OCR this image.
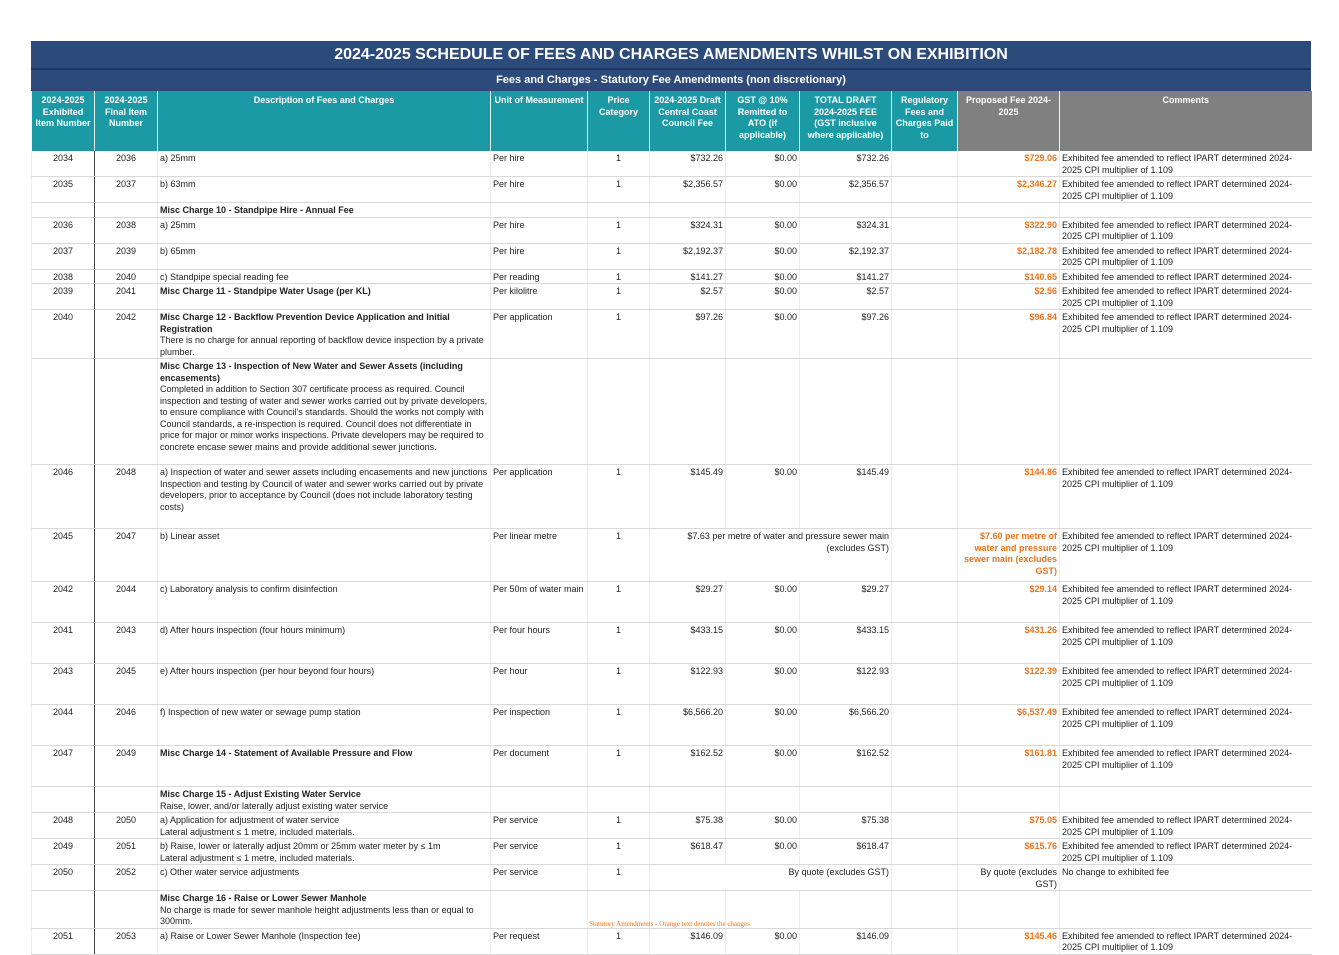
2024-2025 SCHEDULE OF FEES AND CHARGES AMENDMENTS WHILST ON EXHIBITION
Fees and Charges - Statutory Fee Amendments (non discretionary)
2024-2025 Exhibited Item Number	2024-2025 Final Item Number	Description of Fees and Charges	Unit of Measurement	Price Category	2024-2025 Draft Central Coast Council Fee	GST @ 10% Remitted to ATO (if applicable)	TOTAL DRAFT 2024-2025 FEE (GST inclusive where applicable)	Regulatory Fees and Charges Paid to	Proposed Fee 2024-2025	Comments
2034	2036	a) 25mm	Per hire	1	$732.26	$0.00	$732.26		$729.06	Exhibited fee amended to reflect IPART determined 2024-2025 CPI multiplier of 1.109
2035	2037	b) 63mm	Per hire	1	$2,356.57	$0.00	$2,356.57		$2,346.27	Exhibited fee amended to reflect IPART determined 2024-2025 CPI multiplier of 1.109

		Misc Charge 10 - Standpipe Hire - Annual Fee								

2036	2038	a) 25mm	Per hire	1	$324.31	$0.00	$324.31		$322.90	Exhibited fee amended to reflect IPART determined 2024-2025 CPI multiplier of 1.109
2037	2039	b) 65mm	Per hire	1	$2,192.37	$0.00	$2,192.37		$2,182.78	Exhibited fee amended to reflect IPART determined 2024-2025 CPI multiplier of 1.109
2038	2040	c) Standpipe special reading fee	Per reading	1	$141.27	$0.00	$141.27		$140.65	Exhibited fee amended to reflect IPART determined 2024-
2039	2041	Misc Charge 11 - Standpipe Water Usage (per KL)	Per kilolitre	1	$2.57	$0.00	$2.57		$2.56	Exhibited fee amended to reflect IPART determined 2024-2025 CPI multiplier of 1.109
2040	2042	Misc Charge 12 - Backflow Prevention Device Application and Initial Registration
There is no charge for annual reporting of backflow device inspection by a private plumber.	Per application	1	$97.26	$0.00	$97.26		$96.84	Exhibited fee amended to reflect IPART determined 2024-2025 CPI multiplier of 1.109

		Misc Charge 13 - Inspection of New Water and Sewer Assets (including encasements)
Completed in addition to Section 307 certificate process as required. Council inspection and testing of water and sewer works carried out by private developers, to ensure compliance with Council's standards. Should the works not comply with Council standards, a re-inspection is required. Council does not differentiate in price for major or minor works inspections. Private developers may be required to concrete encase sewer mains and provide additional sewer junctions.								

2046	2048	a) Inspection of water and sewer assets including encasements and new junctions
Inspection and testing by Council of water and sewer works carried out by private developers, prior to acceptance by Council (does not include laboratory testing costs)	Per application	1	$145.49	$0.00	$145.49		$144.86	Exhibited fee amended to reflect IPART determined 2024-2025 CPI multiplier of 1.109
2045	2047	b) Linear asset	Per linear metre	1	$7.63 per metre of water and pressure sewer main (excludes GST)				$7.60 per metre of water and pressure sewer main (excludes GST)	Exhibited fee amended to reflect IPART determined 2024-2025 CPI multiplier of 1.109
2042	2044	c) Laboratory analysis to confirm disinfection	Per 50m of water main	1	$29.27	$0.00	$29.27		$29.14	Exhibited fee amended to reflect IPART determined 2024-2025 CPI multiplier of 1.109
2041	2043	d) After hours inspection (four hours minimum)	Per four hours	1	$433.15	$0.00	$433.15		$431.26	Exhibited fee amended to reflect IPART determined 2024-2025 CPI multiplier of 1.109
2043	2045	e) After hours inspection (per hour beyond four hours)	Per hour	1	$122.93	$0.00	$122.93		$122.39	Exhibited fee amended to reflect IPART determined 2024-2025 CPI multiplier of 1.109
2044	2046	f) Inspection of new water or sewage pump station	Per inspection	1	$6,566.20	$0.00	$6,566.20		$6,537.49	Exhibited fee amended to reflect IPART determined 2024-2025 CPI multiplier of 1.109
2047	2049	Misc Charge 14 - Statement of Available Pressure and Flow	Per document	1	$162.52	$0.00	$162.52		$161.81	Exhibited fee amended to reflect IPART determined 2024-2025 CPI multiplier of 1.109

		Misc Charge 15 - Adjust Existing Water Service
Raise, lower, and/or laterally adjust existing water service								

2048	2050	a) Application for adjustment of water service
Lateral adjustment ≤ 1 metre, included materials.	Per service	1	$75.38	$0.00	$75.38		$75.05	Exhibited fee amended to reflect IPART determined 2024-2025 CPI multiplier of 1.109
2049	2051	b) Raise, lower or laterally adjust 20mm or 25mm water meter by ≤ 1m
Lateral adjustment ≤ 1 metre, included materials.	Per service	1	$618.47	$0.00	$618.47		$615.76	Exhibited fee amended to reflect IPART determined 2024-2025 CPI multiplier of 1.109
2050	2052	c) Other water service adjustments	Per service	1	By quote (excludes GST)				By quote (excludes GST)	No change to exhibited fee

		Misc Charge 16 - Raise or Lower Sewer Manhole
No charge is made for sewer manhole height adjustments less than or equal to 300mm.								

2051	2053	a) Raise or Lower Sewer Manhole (Inspection fee)	Per request	1	$146.09	$0.00	$146.09		$145.46	Exhibited fee amended to reflect IPART determined 2024-2025 CPI multiplier of 1.109
Statutory Amendments - Orange text denotes the changes
